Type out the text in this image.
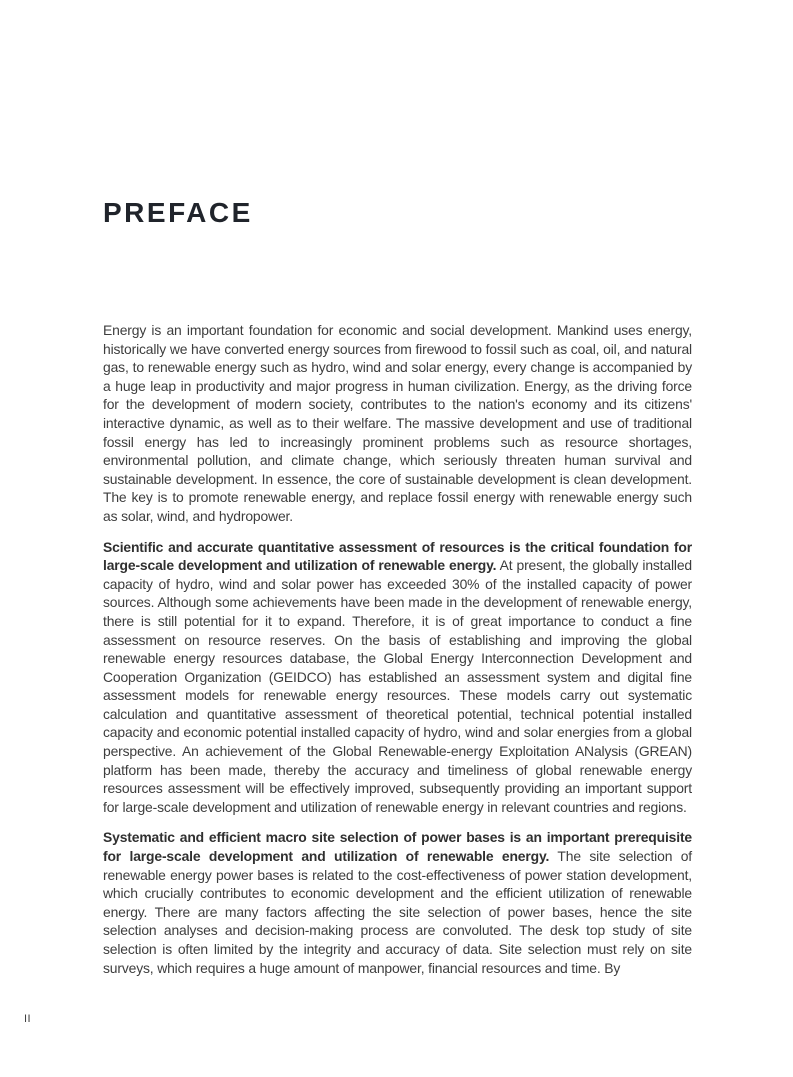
PREFACE

Energy is an important foundation for economic and social development. Mankind uses energy, historically we have converted energy sources from firewood to fossil such as coal, oil, and natural gas, to renewable energy such as hydro, wind and solar energy, every change is accompanied by a huge leap in productivity and major progress in human civilization. Energy, as the driving force for the development of modern society, contributes to the nation's economy and its citizens' interactive dynamic, as well as to their welfare. The massive development and use of traditional fossil energy has led to increasingly prominent problems such as resource shortages, environmental pollution, and climate change, which seriously threaten human survival and sustainable development. In essence, the core of sustainable development is clean development. The key is to promote renewable energy, and replace fossil energy with renewable energy such as solar, wind, and hydropower.

Scientific and accurate quantitative assessment of resources is the critical foundation for large-scale development and utilization of renewable energy. At present, the globally installed capacity of hydro, wind and solar power has exceeded 30% of the installed capacity of power sources. Although some achievements have been made in the development of renewable energy, there is still potential for it to expand. Therefore, it is of great importance to conduct a fine assessment on resource reserves. On the basis of establishing and improving the global renewable energy resources database, the Global Energy Interconnection Development and Cooperation Organization (GEIDCO) has established an assessment system and digital fine assessment models for renewable energy resources. These models carry out systematic calculation and quantitative assessment of theoretical potential, technical potential installed capacity and economic potential installed capacity of hydro, wind and solar energies from a global perspective. An achievement of the Global Renewable-energy Exploitation ANalysis (GREAN) platform has been made, thereby the accuracy and timeliness of global renewable energy resources assessment will be effectively improved, subsequently providing an important support for large-scale development and utilization of renewable energy in relevant countries and regions.

Systematic and efficient macro site selection of power bases is an important prerequisite for large-scale development and utilization of renewable energy. The site selection of renewable energy power bases is related to the cost-effectiveness of power station development, which crucially contributes to economic development and the efficient utilization of renewable energy. There are many factors affecting the site selection of power bases, hence the site selection analyses and decision-making process are convoluted. The desk top study of site selection is often limited by the integrity and accuracy of data. Site selection must rely on site surveys, which requires a huge amount of manpower, financial resources and time. By

II
